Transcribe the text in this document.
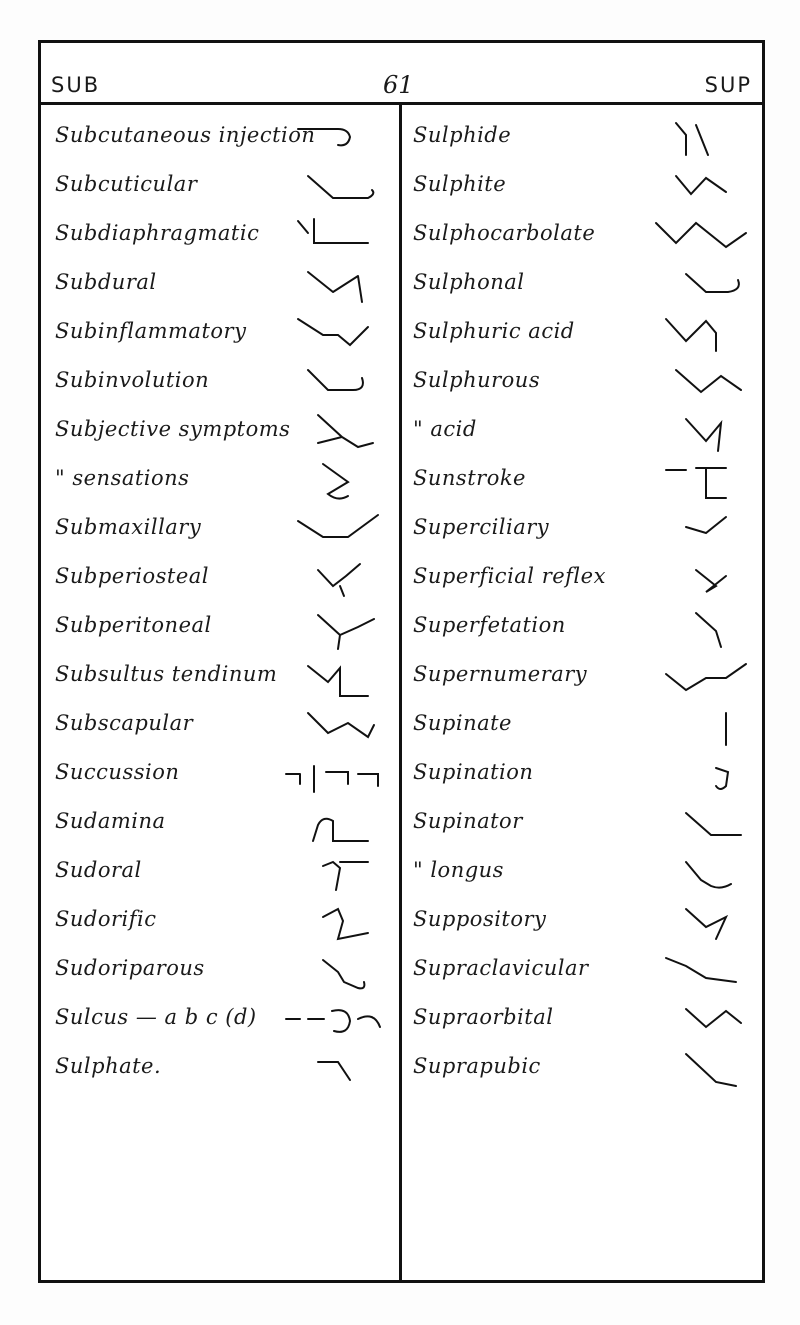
SUB	61	SUP
Subcutaneous injection
Subcuticular
Subdiaphragmatic
Subdural
Subinflammatory
Subinvolution
Subjective symptoms
" sensations
Submaxillary
Subperiosteal
Subperitoneal
Subsultus tendinum
Subscapular
Succussion
Sudamina
Sudoral
Sudorific
Sudoriparous
Sulcus — a b c (d)
Sulphate.
Sulphide
Sulphite
Sulphocarbolate
Sulphonal
Sulphuric acid
Sulphurous
" acid
Sunstroke
Superciliary
Superficial reflex
Superfetation
Supernumerary
Supinate
Supination
Supinator
" longus
Suppository
Supraclavicular
Supraorbital
Suprapubic
